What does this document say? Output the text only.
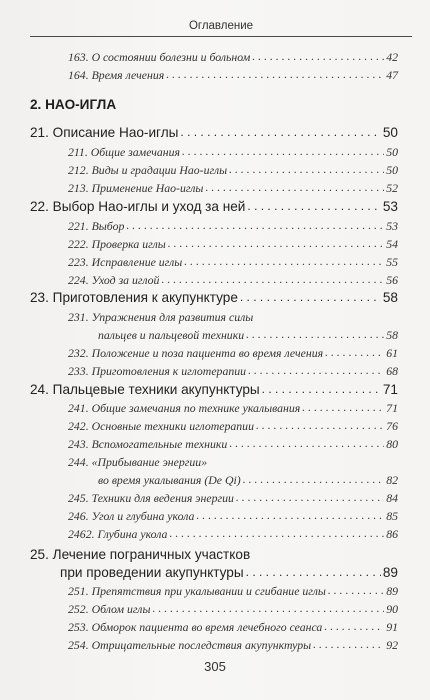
Оглавление
163. О состоянии болезни и больном . . .	42
164. Время лечения . . .	47
2. НАО-ИГЛА
21. Описание Нао-иглы . . .	50
211. Общие замечания . . .	50
212. Виды и градации Нао-иглы . . .	50
213. Применение Нао-иглы . . .	52
22. Выбор Нао-иглы и уход за ней . . .	53
221. Выбор . . .	53
222. Проверка иглы . . .	54
223. Исправление иглы . . .	55
224. Уход за иглой . . .	56
23. Приготовления к акупунктуре . . .	58
231. Упражнения для развития силы
пальцев и пальцевой техники . . .	58
232. Положение и поза пациента во время лечения . . .	61
233. Приготовления к иглотерапии . . .	68
24. Пальцевые техники акупунктуры . . .	71
241. Общие замечания по технике укалывания . . .	71
242. Основные техники иглотерапии . . .	76
243. Вспомогательные техники . . .	80
244. «Прибывание энергии»
во время укалывания (De Qi) . . .	82
245. Техники для ведения энергии . . .	84
246. Угол и глубина укола . . .	85
2462. Глубина укола . . .	86
25. Лечение пограничных участков
при проведении акупунктуры . . .	89
251. Препятствия при укалывании и сгибание иглы . . .	89
252. Облом иглы . . .	90
253. Обморок пациента во время лечебного сеанса . . .	91
254. Отрицательные последствия акупунктуры . . .	92
305
